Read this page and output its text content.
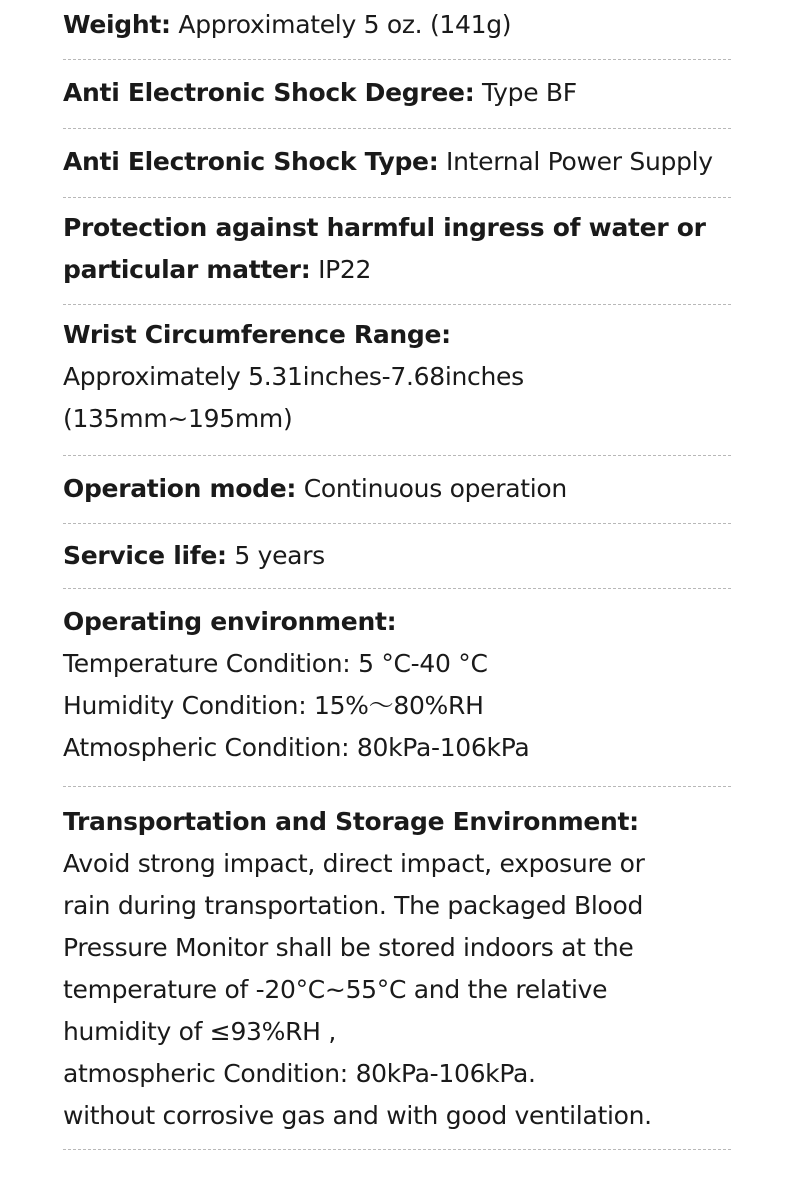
Weight: Approximately 5 oz. (141g)
Anti Electronic Shock Degree: Type BF
Anti Electronic Shock Type: Internal Power Supply
Protection against harmful ingress of water or
particular matter: IP22
Wrist Circumference Range:
Approximately 5.31inches-7.68inches
(135mm~195mm)
Operation mode: Continuous operation
Service life: 5 years
Operating environment:
Temperature Condition: 5 °C-40 °C
Humidity Condition: 15%～80%RH
Atmospheric Condition: 80kPa-106kPa
Transportation and Storage Environment:
Avoid strong impact, direct impact, exposure or
rain during transportation. The packaged Blood
Pressure Monitor shall be stored indoors at the
temperature of -20°C~55°C and the relative
humidity of ≤93%RH ,
atmospheric Condition: 80kPa-106kPa.
without corrosive gas and with good ventilation.
